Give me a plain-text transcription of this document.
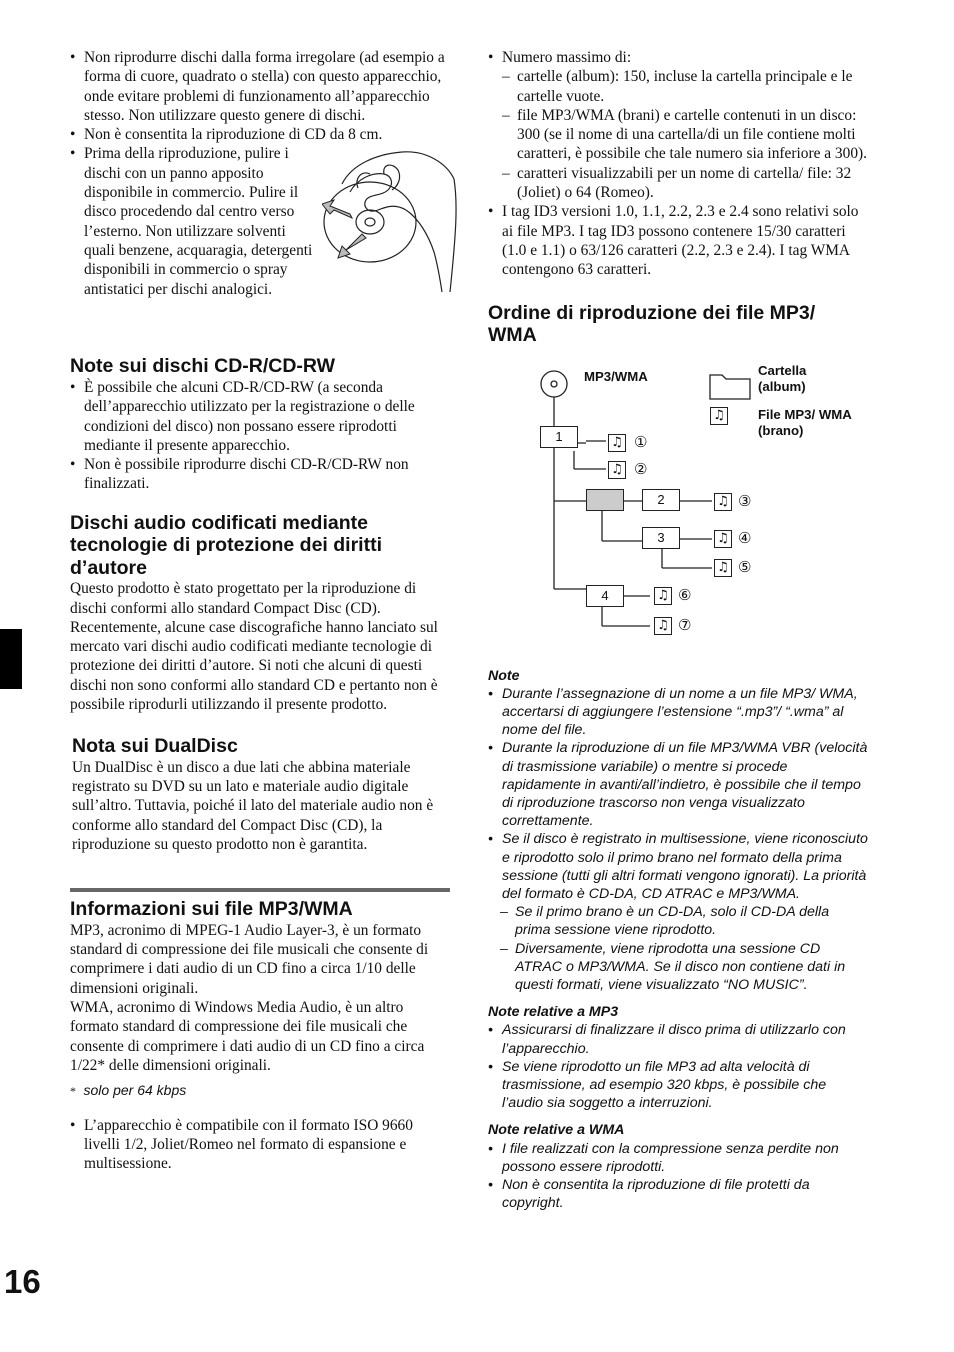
• Non riprodurre dischi dalla forma irregolare (ad esempio a forma di cuore, quadrato o stella) con questo apparecchio, onde evitare problemi di funzionamento all’apparecchio stesso. Non utilizzare questo genere di dischi.
• Non è consentita la riproduzione di CD da 8 cm.
• Prima della riproduzione, pulire i dischi con un panno apposito disponibile in commercio. Pulire il disco procedendo dal centro verso l’esterno. Non utilizzare solventi quali benzene, acquaragia, detergenti disponibili in commercio o spray antistatici per dischi analogici.
Note sui dischi CD-R/CD-RW
• È possibile che alcuni CD-R/CD-RW (a seconda dell’apparecchio utilizzato per la registrazione o delle condizioni del disco) non possano essere riprodotti mediante il presente apparecchio.
• Non è possibile riprodurre dischi CD-R/CD-RW non finalizzati.
Dischi audio codificati mediante tecnologie di protezione dei diritti d’autore

Questo prodotto è stato progettato per la riproduzione di dischi conformi allo standard Compact Disc (CD).

Recentemente, alcune case discografiche hanno lanciato sul mercato vari dischi audio codificati mediante tecnologie di protezione dei diritti d’autore. Si noti che alcuni di questi dischi non sono conformi allo standard CD e pertanto non è possibile riprodurli utilizzando il presente prodotto.

Nota sui DualDisc

Un DualDisc è un disco a due lati che abbina materiale registrato su DVD su un lato e materiale audio digitale sull’altro. Tuttavia, poiché il lato del materiale audio non è conforme allo standard del Compact Disc (CD), la riproduzione su questo prodotto non è garantita.

Informazioni sui file MP3/WMA

MP3, acronimo di MPEG-1 Audio Layer-3, è un formato standard di compressione dei file musicali che consente di comprimere i dati audio di un CD fino a circa 1/10 delle dimensioni originali.

WMA, acronimo di Windows Media Audio, è un altro formato standard di compressione dei file musicali che consente di comprimere i dati audio di un CD fino a circa 1/22* delle dimensioni originali.

* solo per 64 kbps

• L’apparecchio è compatibile con il formato ISO 9660 livelli 1/2, Joliet/Romeo nel formato di espansione e multisessione.
• Numero massimo di:
– cartelle (album): 150, incluse la cartella principale e le cartelle vuote.
– file MP3/WMA (brani) e cartelle contenuti in un disco: 300 (se il nome di una cartella/di un file contiene molti caratteri, è possibile che tale numero sia inferiore a 300).
– caratteri visualizzabili per un nome di cartella/ file: 32 (Joliet) o 64 (Romeo).
• I tag ID3 versioni 1.0, 1.1, 2.2, 2.3 e 2.4 sono relativi solo ai file MP3. I tag ID3 possono contenere 15/30 caratteri (1.0 e 1.1) o 63/126 caratteri (2.2, 2.3 e 2.4). I tag WMA contengono 63 caratteri.
Ordine di riproduzione dei file MP3/ WMA
MP3/WMA	Cartella (album)
File MP3/ WMA (brano)
♫
1
2
3
4
♫ ①
♫ ②
♫ ③
♫ ④
♫ ⑤
♫ ⑥
♫ ⑦
Note
• Durante l’assegnazione di un nome a un file MP3/ WMA, accertarsi di aggiungere l’estensione “.mp3”/ “.wma” al nome del file.
• Durante la riproduzione di un file MP3/WMA VBR (velocità di trasmissione variabile) o mentre si procede rapidamente in avanti/all’indietro, è possibile che il tempo di riproduzione trascorso non venga visualizzato correttamente.
• Se il disco è registrato in multisessione, viene riconosciuto e riprodotto solo il primo brano nel formato della prima sessione (tutti gli altri formati vengono ignorati). La priorità del formato è CD-DA, CD ATRAC e MP3/WMA.
– Se il primo brano è un CD-DA, solo il CD-DA della prima sessione viene riprodotto.
– Diversamente, viene riprodotta una sessione CD ATRAC o MP3/WMA. Se il disco non contiene dati in questi formati, viene visualizzato “NO MUSIC”.
Note relative a MP3
• Assicurarsi di finalizzare il disco prima di utilizzarlo con l’apparecchio.
• Se viene riprodotto un file MP3 ad alta velocità di trasmissione, ad esempio 320 kbps, è possibile che l’audio sia soggetto a interruzioni.
Note relative a WMA
• I file realizzati con la compressione senza perdite non possono essere riprodotti.
• Non è consentita la riproduzione di file protetti da copyright.
16
